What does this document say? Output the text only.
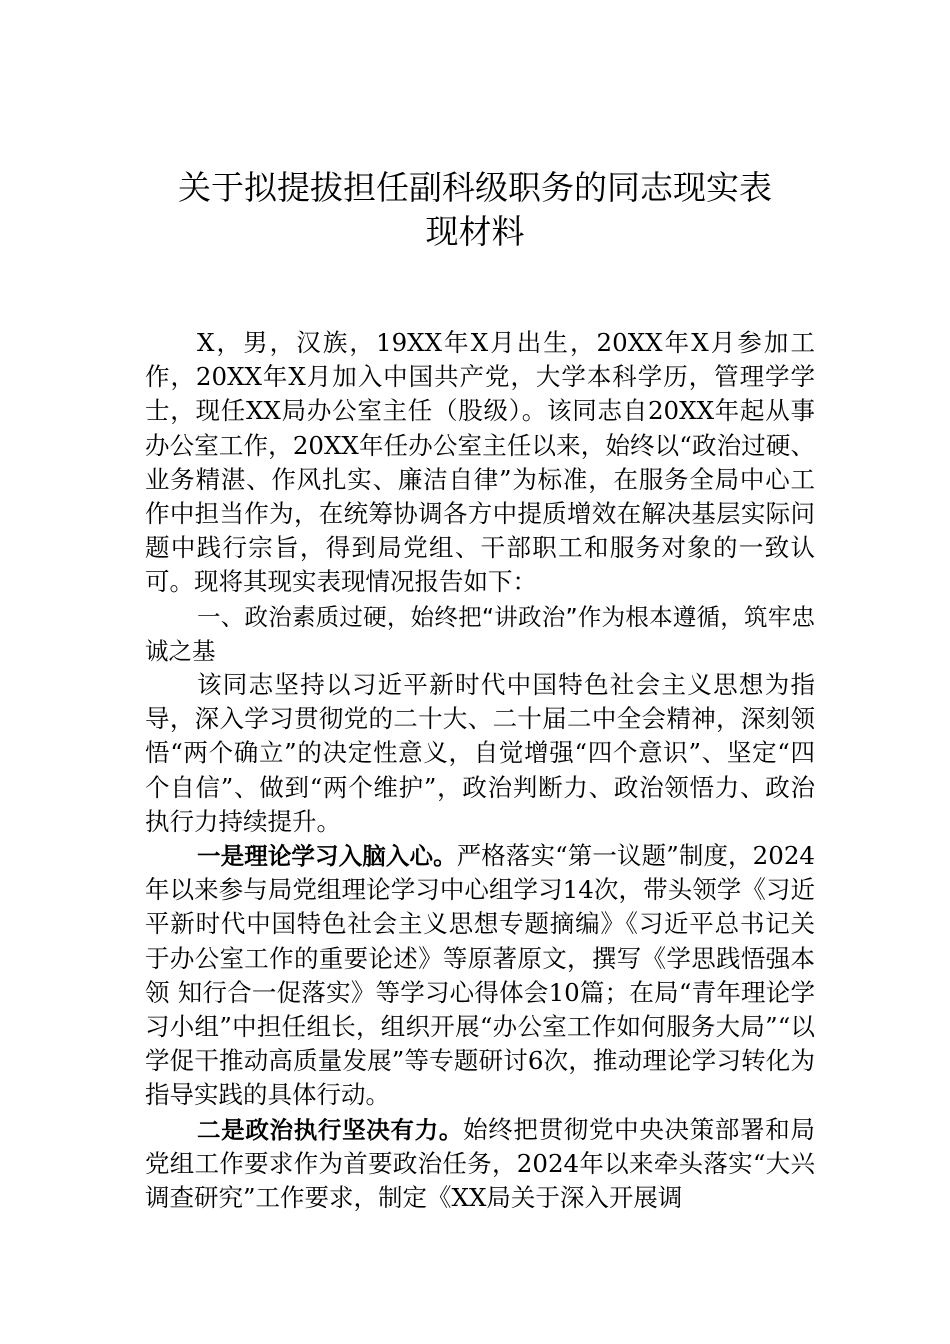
关于拟提拔担任副科级职务的同志现实表
现材料

X，男，汉族，19XX年X月出生，20XX年X月参加工作，20XX年X月加入中国共产党，大学本科学历，管理学学士，现任XX局办公室主任（股级）。该同志自20XX年起从事办公室工作，20XX年任办公室主任以来，始终以“政治过硬、业务精湛、作风扎实、廉洁自律”为标准，在服务全局中心工作中担当作为，在统筹协调各方中提质增效在解决基层实际问题中践行宗旨，得到局党组、干部职工和服务对象的一致认可。现将其现实表现情况报告如下：

一、政治素质过硬，始终把“讲政治”作为根本遵循，筑牢忠诚之基

该同志坚持以习近平新时代中国特色社会主义思想为指导，深入学习贯彻党的二十大、二十届二中全会精神，深刻领悟“两个确立”的决定性意义，自觉增强“四个意识”、坚定“四个自信”、做到“两个维护”，政治判断力、政治领悟力、政治执行力持续提升。

一是理论学习入脑入心。严格落实“第一议题”制度，2024年以来参与局党组理论学习中心组学习14次，带头领学《习近平新时代中国特色社会主义思想专题摘编》《习近平总书记关于办公室工作的重要论述》等原著原文，撰写《学思践悟强本领 知行合一促落实》等学习心得体会10篇；在局“青年理论学习小组”中担任组长，组织开展“办公室工作如何服务大局”“以学促干推动高质量发展”等专题研讨6次，推动理论学习转化为指导实践的具体行动。

二是政治执行坚决有力。始终把贯彻党中央决策部署和局党组工作要求作为首要政治任务，2024年以来牵头落实“大兴调查研究”工作要求，制定《XX局关于深入开展调
